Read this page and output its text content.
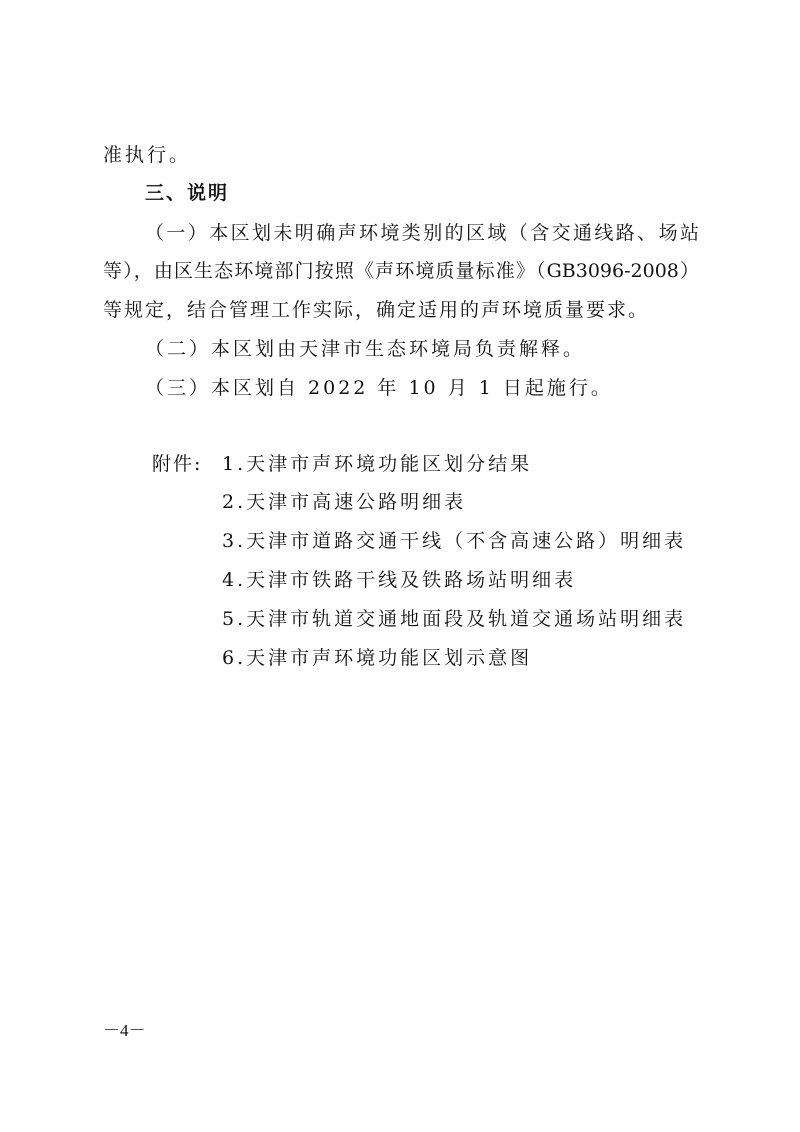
准执行。
三、说明
（一）本区划未明确声环境类别的区域（含交通线路、场站
等），由区生态环境部门按照《声环境质量标准》（GB3096-2008）
等规定，结合管理工作实际，确定适用的声环境质量要求。
（二）本区划由天津市生态环境局负责解释。
（三）本区划自 2022 年 10 月 1 日起施行。
附件: 1.天津市声环境功能区划分结果
2.天津市高速公路明细表
3.天津市道路交通干线（不含高速公路）明细表
4.天津市铁路干线及铁路场站明细表
5.天津市轨道交通地面段及轨道交通场站明细表
6.天津市声环境功能区划示意图
－4－
